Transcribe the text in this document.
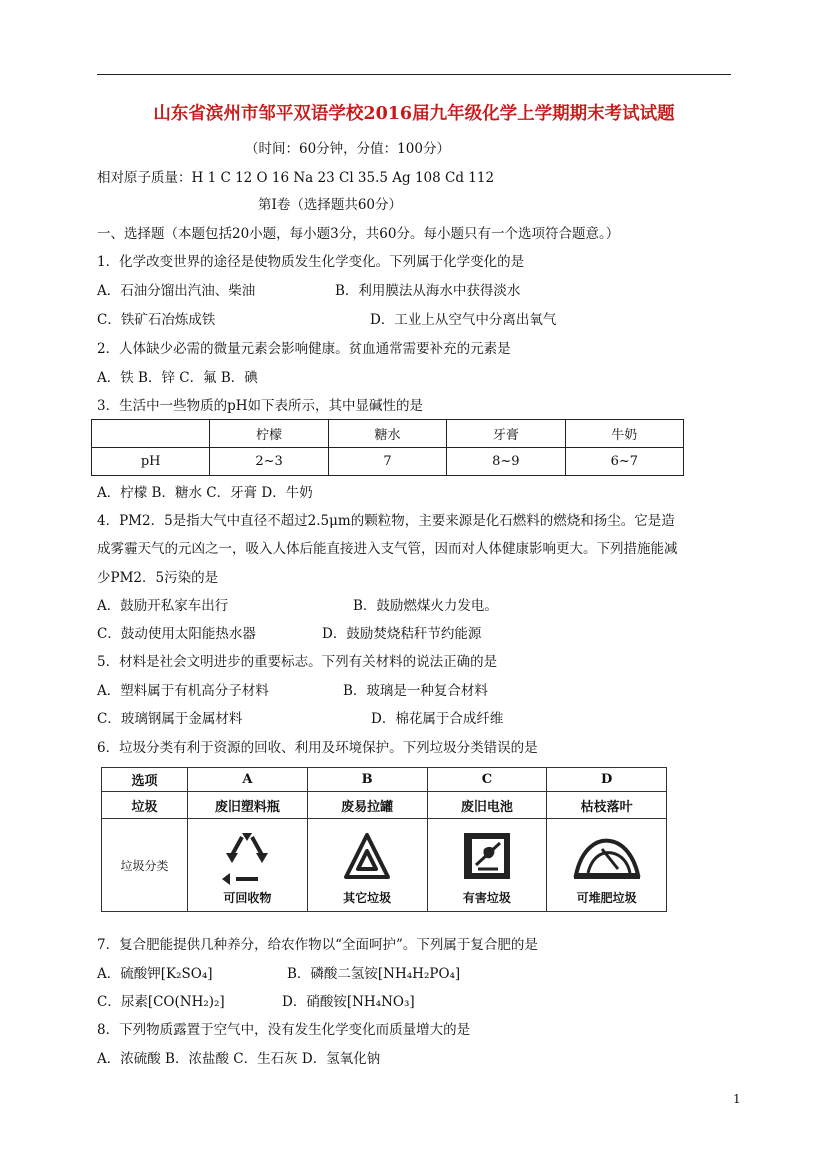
山东省滨州市邹平双语学校2016届九年级化学上学期期末考试试题
（时间：60分钟，分值：100分）
相对原子质量：H 1 C 12 O 16 Na 23 Cl 35.5 Ag 108 Cd 112
第Ⅰ卷（选择题共60分）
一、选择题（本题包括20小题，每小题3分，共60分。每小题只有一个选项符合题意。）
1．化学改变世界的途径是使物质发生化学变化。下列属于化学变化的是
A．石油分馏出汽油、柴油	B．利用膜法从海水中获得淡水
C．铁矿石冶炼成铁	D．工业上从空气中分离出氧气
2．人体缺少必需的微量元素会影响健康。贫血通常需要补充的元素是
A．铁 B．锌 C．氟 B．碘
3．生活中一些物质的pH如下表所示，其中显碱性的是
	柠檬	糖水	牙膏	牛奶
pH	2~3	7	8~9	6~7
A．柠檬 B．糖水 C．牙膏 D．牛奶
4．PM2．5是指大气中直径不超过2.5μm的颗粒物，主要来源是化石燃料的燃烧和扬尘。它是造
成雾霾天气的元凶之一，吸入人体后能直接进入支气管，因而对人体健康影响更大。下列措施能减
少PM2．5污染的是
A．鼓励开私家车出行	B．鼓励燃煤火力发电。
C．鼓动使用太阳能热水器	D．鼓励焚烧秸秆节约能源
5．材料是社会文明进步的重要标志。下列有关材料的说法正确的是
A．塑料属于有机高分子材料	B．玻璃是一种复合材料
C．玻璃钢属于金属材料	D．棉花属于合成纤维
6．垃圾分类有利于资源的回收、利用及环境保护。下列垃圾分类错误的是
选项	A	B	C	D
垃圾	废旧塑料瓶	废易拉罐	废旧电池	枯枝落叶
垃圾分类	可回收物	其它垃圾	有害垃圾	可堆肥垃圾
7．复合肥能提供几种养分，给农作物以“全面呵护”。下列属于复合肥的是
A．硫酸钾[K₂SO₄]	B．磷酸二氢铵[NH₄H₂PO₄]
C．尿素[CO(NH₂)₂]	D．硝酸铵[NH₄NO₃]
8．下列物质露置于空气中，没有发生化学变化而质量增大的是
A．浓硫酸 B．浓盐酸 C．生石灰 D．氢氧化钠
1
